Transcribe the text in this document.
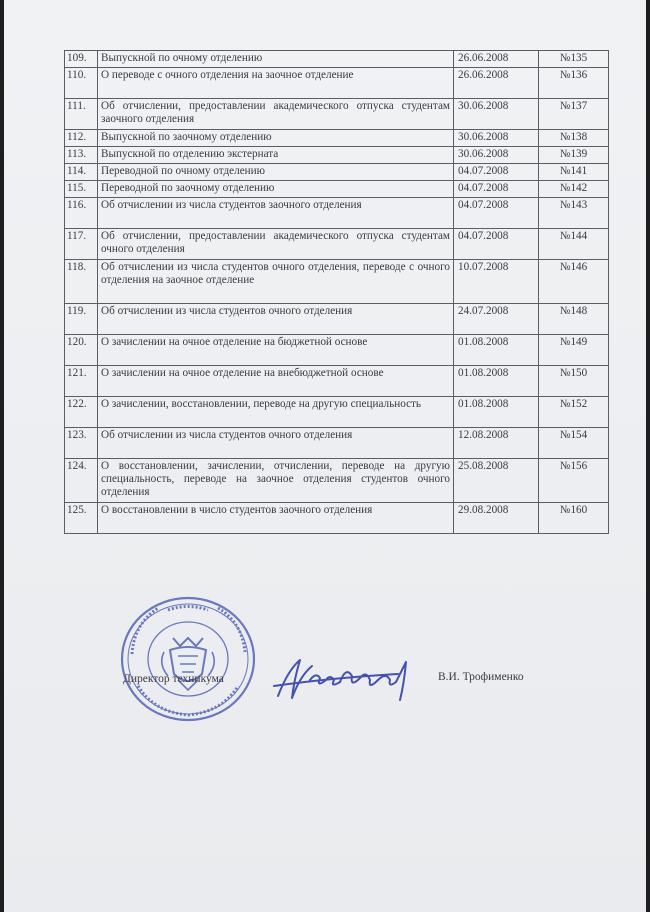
109.	Выпускной по очному отделению	26.06.2008	№135
110.	О переводе с очного отделения на заочное отделение	26.06.2008	№136
111.	Об отчислении, предоставлении академического отпуска студентам заочного отделения	30.06.2008	№137
112.	Выпускной по заочному отделению	30.06.2008	№138
113.	Выпускной по отделению экстерната	30.06.2008	№139
114.	Переводной по очному отделению	04.07.2008	№141
115.	Переводной по заочному отделению	04.07.2008	№142
116.	Об отчислении из числа студентов заочного отделения	04.07.2008	№143
117.	Об отчислении, предоставлении академического отпуска студентам очного отделения	04.07.2008	№144
118.	Об отчислении из числа студентов очного отделения, переводе с очного отделения на заочное отделение	10.07.2008	№146
119.	Об отчислении из числа студентов очного отделения	24.07.2008	№148
120.	О зачислении на очное отделение на бюджетной основе	01.08.2008	№149
121.	О зачислении на очное отделение на внебюджетной основе	01.08.2008	№150
122.	О зачислении, восстановлении, переводе на другую специальность	01.08.2008	№152
123.	Об отчислении из числа студентов очного отделения	12.08.2008	№154
124.	О восстановлении, зачислении, отчислении, переводе на другую специальность, переводе на заочное отделения студентов очного отделения	25.08.2008	№156
125.	О восстановлении в число студентов заочного отделения	29.08.2008	№160
Директор техникума	В.И. Трофименко
